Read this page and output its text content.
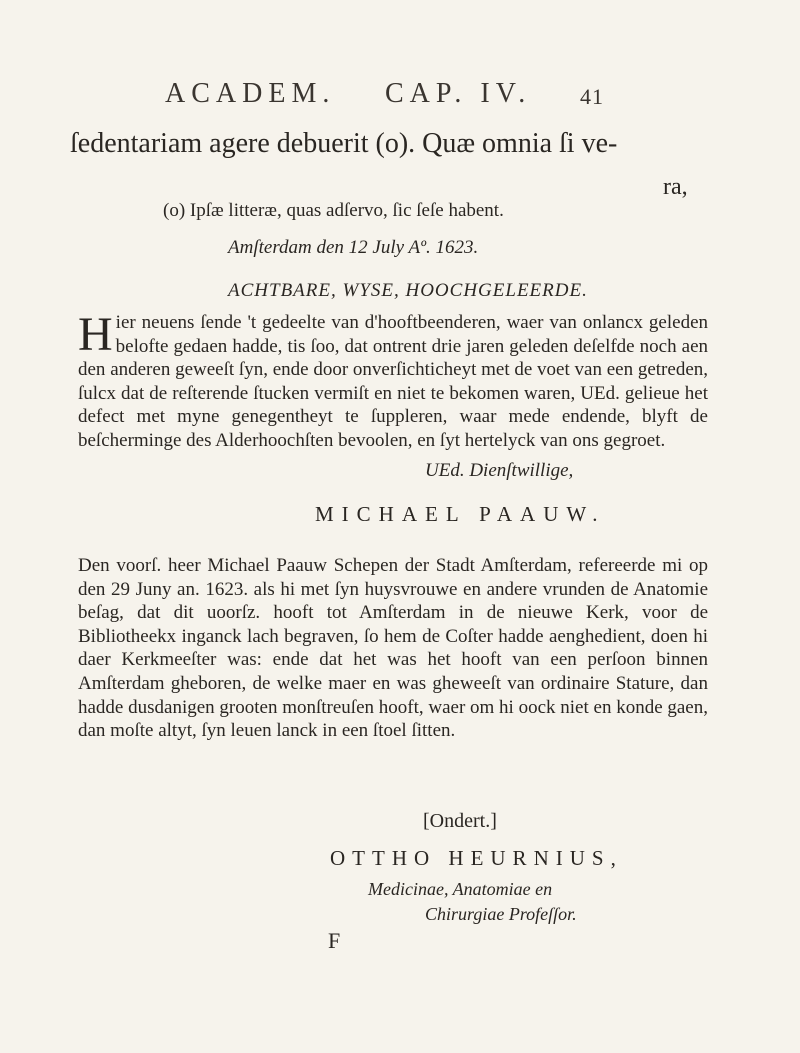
ACADEM. CAP. IV. 41
ſedentariam agere debuerit (o). Quæ omnia ſi ve-
ra,
(o) Ipſæ litteræ, quas adſervo, ſic ſeſe habent.
Amſterdam den 12 July Aº. 1623.
ACHTBARE, WYSE, HOOCHGELEERDE.
Hier neuens ſende 't gedeelte van d'hooftbeenderen, waer van onlancx geleden belofte gedaen hadde, tis ſoo, dat ontrent drie jaren geleden deſelfde noch aen den anderen geweeſt ſyn, ende door onverſichticheyt met de voet van een getreden, ſulcx dat de reſterende ſtucken vermiſt en niet te bekomen waren, UEd. gelieue het defect met myne genegentheyt te ſuppleren, waar mede endende, blyft de beſcherminge des Alderhoochſten bevoolen, en ſyt hertelyck van ons gegroet.
UEd. Dienſtwillige,
MICHAEL PAAUW.
Den voorſ. heer Michael Paauw Schepen der Stadt Amſterdam, refereerde mi op den 29 Juny an. 1623. als hi met ſyn huysvrouwe en andere vrunden de Anatomie beſag, dat dit uoorſz. hooft tot Amſterdam in de nieuwe Kerk, voor de Bibliotheekx inganck lach begraven, ſo hem de Coſter hadde aenghedient, doen hi daer Kerkmeeſter was: ende dat het was het hooft van een perſoon binnen Amſterdam gheboren, de welke maer en was gheweeſt van ordinaire Stature, dan hadde dusdanigen grooten monſtreuſen hooft, waer om hi oock niet en konde gaen, dan moſte altyt, ſyn leuen lanck in een ſtoel ſitten.
[Ondert.]
OTTHO HEURNIUS,
Medicinae, Anatomiae en
Chirurgiae Profeſſor.
F
